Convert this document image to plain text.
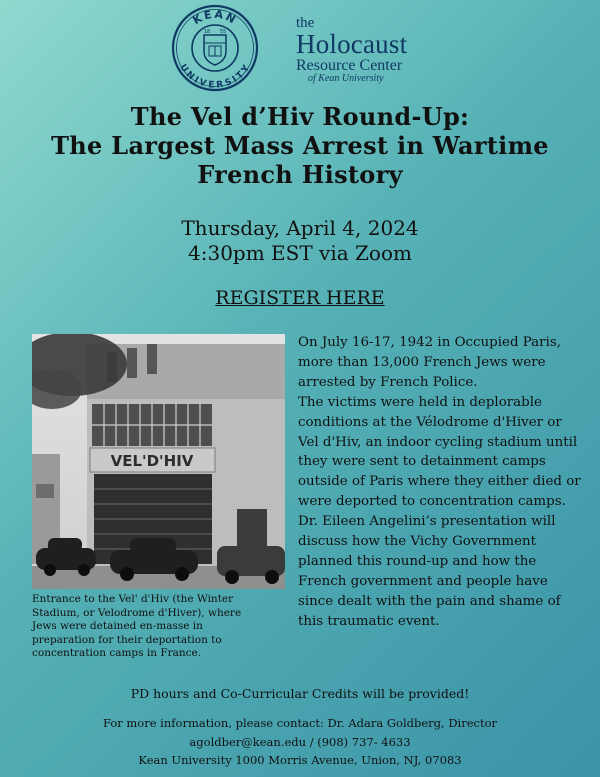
KEAN
UNIVERSITY
18 55
the
Holocaust
Resource Center
of Kean University
The Vel d’Hiv Round-Up:
The Largest Mass Arrest in Wartime
French History
Thursday, April 4, 2024
4:30pm EST via Zoom
REGISTER HERE
VEL'D'HIV
Entrance to the Vel' d'Hiv (the Winter
Stadium, or Velodrome d'Hiver), where
Jews were detained en-masse in
preparation for their deportation to
concentration camps in France.
On July 16-17, 1942 in Occupied Paris,
more than 13,000 French Jews were
arrested by French Police.
The victims were held in deplorable
conditions at the Vélodrome d'Hiver or
Vel d'Hiv, an indoor cycling stadium until
they were sent to detainment camps
outside of Paris where they either died or
were deported to concentration camps.
Dr. Eileen Angelini’s presentation will
discuss how the Vichy Government
planned this round-up and how the
French government and people have
since dealt with the pain and shame of
this traumatic event.
PD hours and Co-Curricular Credits will be provided!
For more information, please contact: Dr. Adara Goldberg, Director
agoldber@kean.edu / (908) 737- 4633
Kean University 1000 Morris Avenue, Union, NJ, 07083
